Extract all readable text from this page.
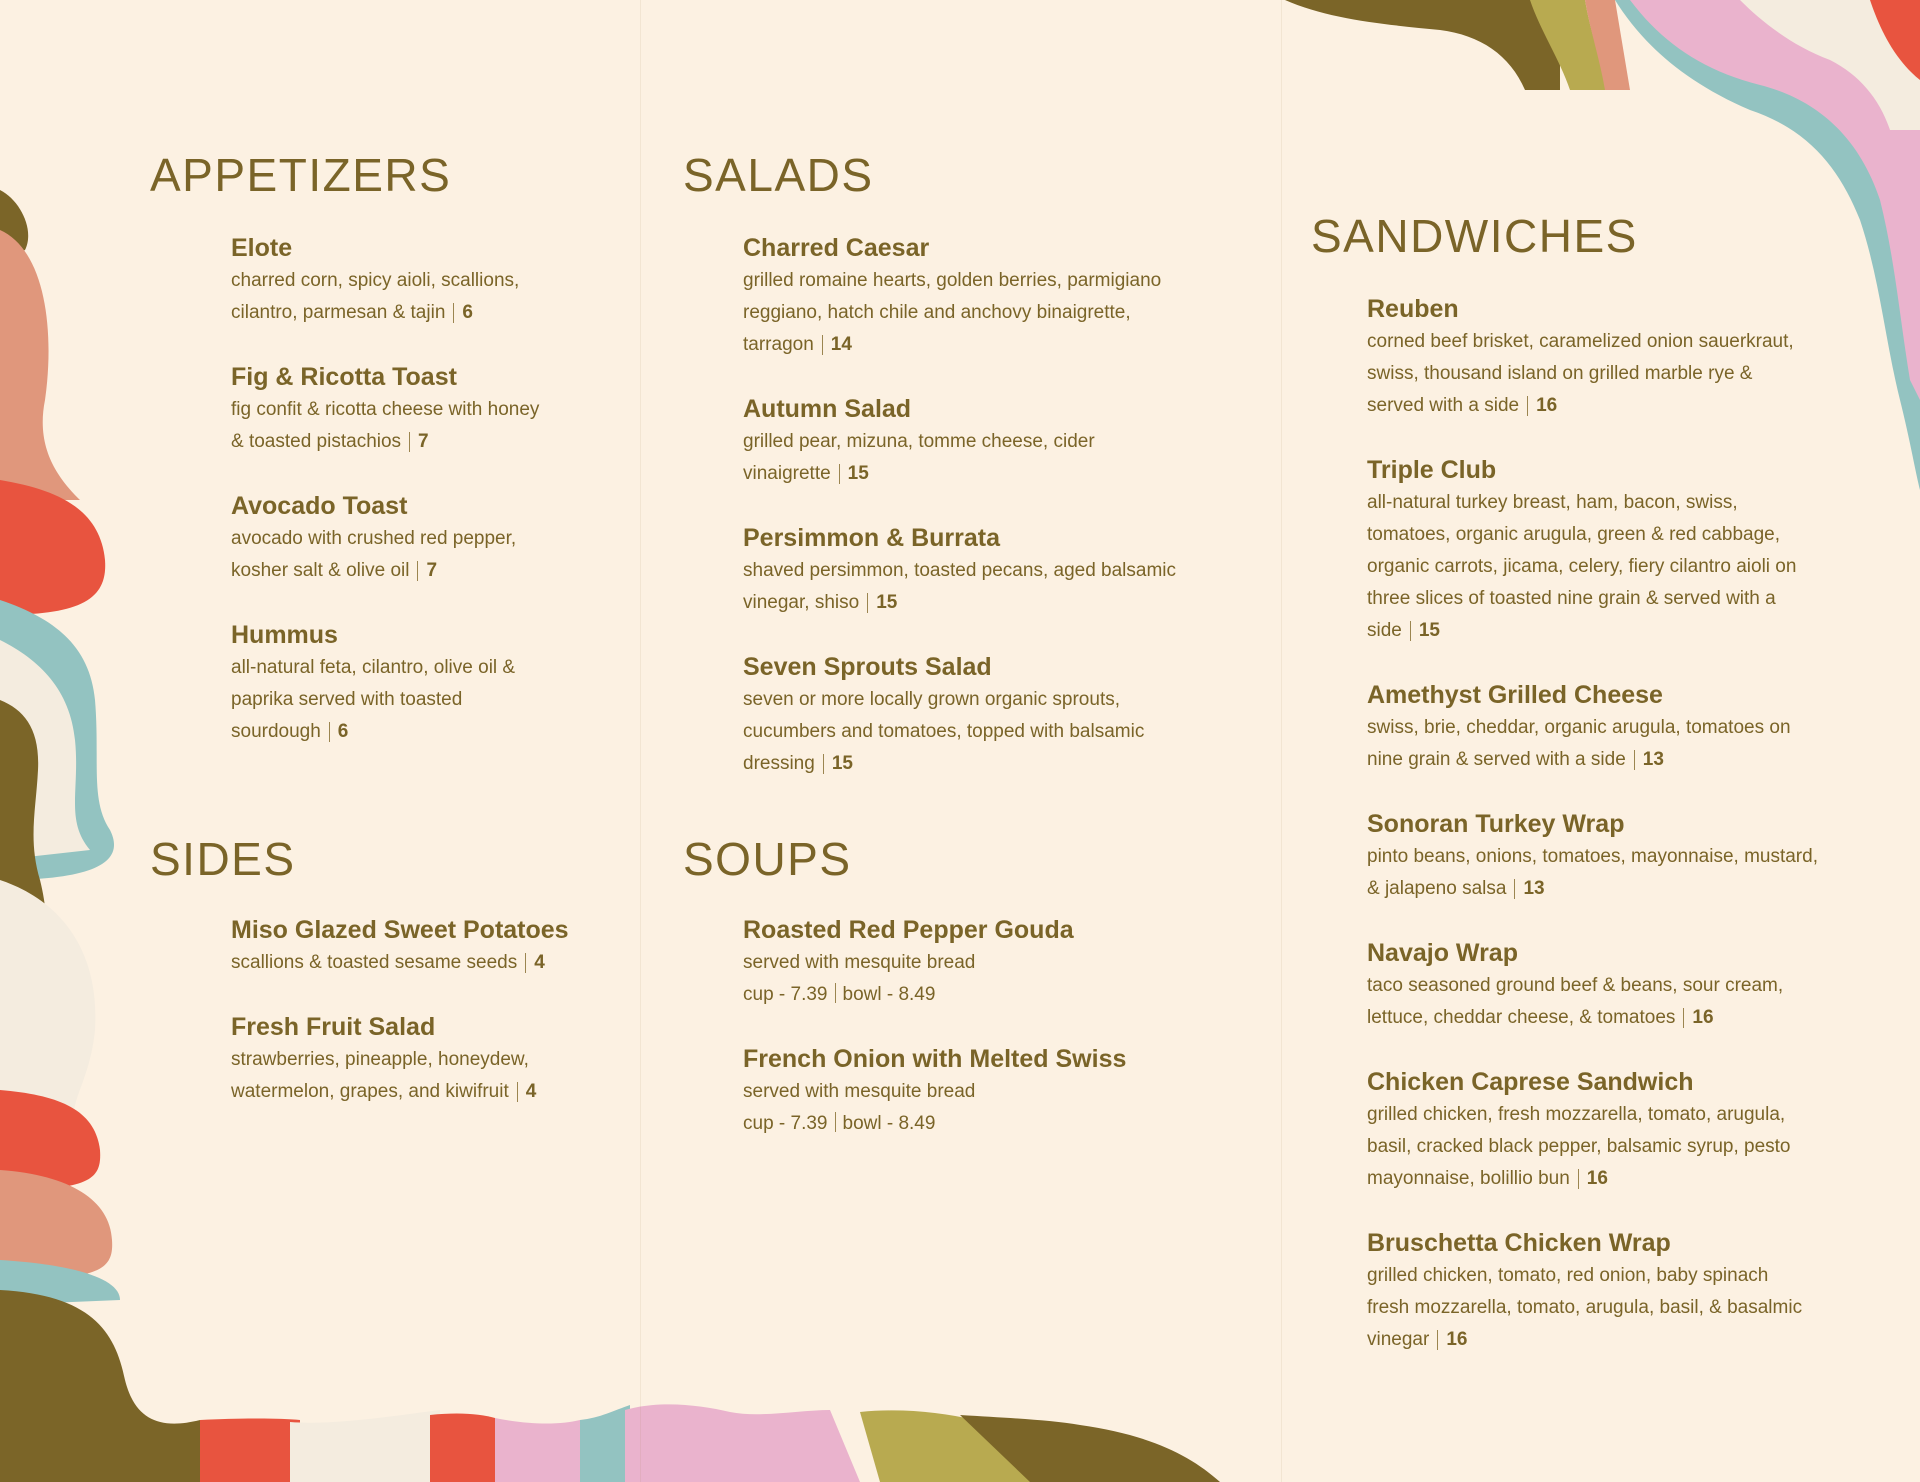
APPETIZERS
Elote
charred corn, spicy aioli, scallions,
cilantro, parmesan & tajin 6
Fig & Ricotta Toast
fig confit & ricotta cheese with honey
& toasted pistachios 7
Avocado Toast
avocado with crushed red pepper,
kosher salt & olive oil 7
Hummus
all-natural feta, cilantro, olive oil &
paprika served with toasted
sourdough 6
SIDES
Miso Glazed Sweet Potatoes
scallions & toasted sesame seeds 4
Fresh Fruit Salad
strawberries, pineapple, honeydew,
watermelon, grapes, and kiwifruit 4
SALADS
Charred Caesar
grilled romaine hearts, golden berries, parmigiano
reggiano, hatch chile and anchovy binaigrette,
tarragon 14
Autumn Salad
grilled pear, mizuna, tomme cheese, cider
vinaigrette 15
Persimmon & Burrata
shaved persimmon, toasted pecans, aged balsamic
vinegar, shiso 15
Seven Sprouts Salad
seven or more locally grown organic sprouts,
cucumbers and tomatoes, topped with balsamic
dressing 15
SOUPS
Roasted Red Pepper Gouda
served with mesquite bread
cup - 7.39 bowl - 8.49
French Onion with Melted Swiss
served with mesquite bread
cup - 7.39 bowl - 8.49
SANDWICHES
Reuben
corned beef brisket, caramelized onion sauerkraut,
swiss, thousand island on grilled marble rye &
served with a side 16
Triple Club
all-natural turkey breast, ham, bacon, swiss,
tomatoes, organic arugula, green & red cabbage,
organic carrots, jicama, celery, fiery cilantro aioli on
three slices of toasted nine grain & served with a
side 15
Amethyst Grilled Cheese
swiss, brie, cheddar, organic arugula, tomatoes on
nine grain & served with a side 13
Sonoran Turkey Wrap
pinto beans, onions, tomatoes, mayonnaise, mustard,
& jalapeno salsa 13
Navajo Wrap
taco seasoned ground beef & beans, sour cream,
lettuce, cheddar cheese, & tomatoes 16
Chicken Caprese Sandwich
grilled chicken, fresh mozzarella, tomato, arugula,
basil, cracked black pepper, balsamic syrup, pesto
mayonnaise, bolillio bun 16
Bruschetta Chicken Wrap
grilled chicken, tomato, red onion, baby spinach
fresh mozzarella, tomato, arugula, basil, & basalmic
vinegar 16
